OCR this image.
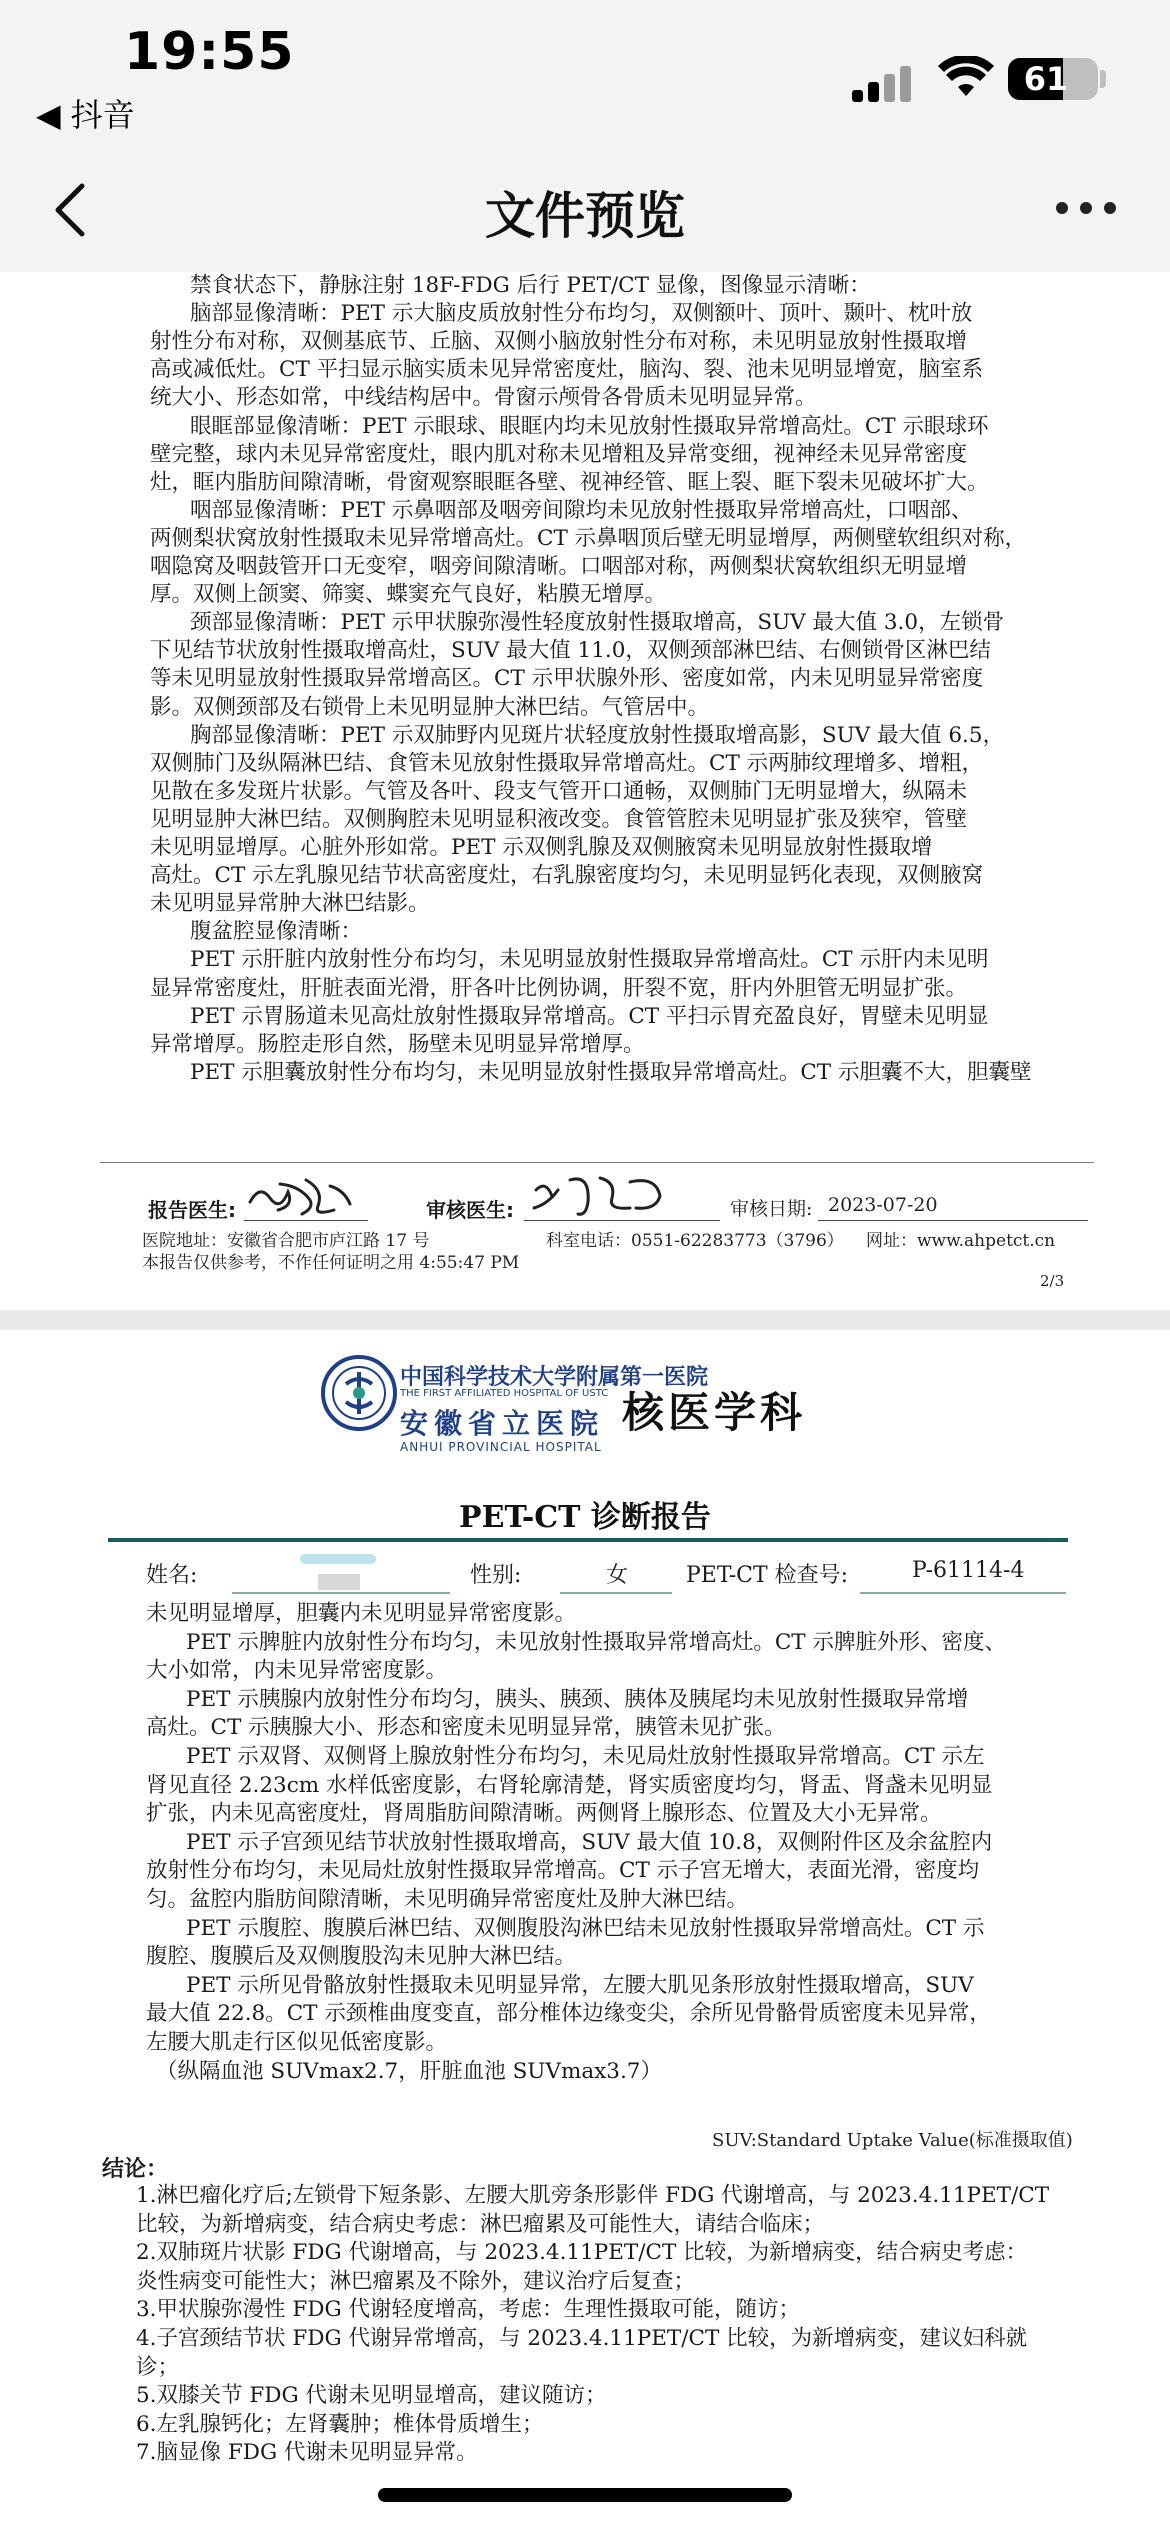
19:55
◀ 抖音
61
文件预览
禁食状态下，静脉注射 18F-FDG 后行 PET/CT 显像，图像显示清晰：
脑部显像清晰：PET 示大脑皮质放射性分布均匀，双侧额叶、顶叶、颞叶、枕叶放
射性分布对称，双侧基底节、丘脑、双侧小脑放射性分布对称，未见明显放射性摄取增
高或减低灶。CT 平扫显示脑实质未见异常密度灶，脑沟、裂、池未见明显增宽，脑室系
统大小、形态如常，中线结构居中。骨窗示颅骨各骨质未见明显异常。
眼眶部显像清晰：PET 示眼球、眼眶内均未见放射性摄取异常增高灶。CT 示眼球环
壁完整，球内未见异常密度灶，眼内肌对称未见增粗及异常变细，视神经未见异常密度
灶，眶内脂肪间隙清晰，骨窗观察眼眶各壁、视神经管、眶上裂、眶下裂未见破坏扩大。
咽部显像清晰：PET 示鼻咽部及咽旁间隙均未见放射性摄取异常增高灶，口咽部、
两侧梨状窝放射性摄取未见异常增高灶。CT 示鼻咽顶后壁无明显增厚，两侧壁软组织对称，
咽隐窝及咽鼓管开口无变窄，咽旁间隙清晰。口咽部对称，两侧梨状窝软组织无明显增
厚。双侧上颌窦、筛窦、蝶窦充气良好，粘膜无增厚。
颈部显像清晰：PET 示甲状腺弥漫性轻度放射性摄取增高，SUV 最大值 3.0，左锁骨
下见结节状放射性摄取增高灶，SUV 最大值 11.0，双侧颈部淋巴结、右侧锁骨区淋巴结
等未见明显放射性摄取异常增高区。CT 示甲状腺外形、密度如常，内未见明显异常密度
影。双侧颈部及右锁骨上未见明显肿大淋巴结。气管居中。
胸部显像清晰：PET 示双肺野内见斑片状轻度放射性摄取增高影，SUV 最大值 6.5，
双侧肺门及纵隔淋巴结、食管未见放射性摄取异常增高灶。CT 示两肺纹理增多、增粗，
见散在多发斑片状影。气管及各叶、段支气管开口通畅，双侧肺门无明显增大，纵隔未
见明显肿大淋巴结。双侧胸腔未见明显积液改变。食管管腔未见明显扩张及狭窄，管壁
未见明显增厚。心脏外形如常。PET 示双侧乳腺及双侧腋窝未见明显放射性摄取增
高灶。CT 示左乳腺见结节状高密度灶，右乳腺密度均匀，未见明显钙化表现，双侧腋窝
未见明显异常肿大淋巴结影。
腹盆腔显像清晰：
PET 示肝脏内放射性分布均匀，未见明显放射性摄取异常增高灶。CT 示肝内未见明
显异常密度灶，肝脏表面光滑，肝各叶比例协调，肝裂不宽，肝内外胆管无明显扩张。
PET 示胃肠道未见高灶放射性摄取异常增高。CT 平扫示胃充盈良好，胃壁未见明显
异常增厚。肠腔走形自然，肠壁未见明显异常增厚。
PET 示胆囊放射性分布均匀，未见明显放射性摄取异常增高灶。CT 示胆囊不大，胆囊壁
报告医生:	审核医生:	审核日期: 2023-07-20
医院地址：安徽省合肥市庐江路 17 号	科室电话：0551-62283773（3796） 网址：www.ahpetct.cn
本报告仅供参考，不作任何证明之用 4:55:47 PM
2/3
中国科学技术大学附属第一医院
THE FIRST AFFILIATED HOSPITAL OF USTC
安徽省立医院
ANHUI PROVINCIAL HOSPITAL
核医学科
PET-CT 诊断报告
姓名:	性别:	女	PET-CT 检查号:	P-61114-4
未见明显增厚，胆囊内未见明显异常密度影。
PET 示脾脏内放射性分布均匀，未见放射性摄取异常增高灶。CT 示脾脏外形、密度、
大小如常，内未见异常密度影。
PET 示胰腺内放射性分布均匀，胰头、胰颈、胰体及胰尾均未见放射性摄取异常增
高灶。CT 示胰腺大小、形态和密度未见明显异常，胰管未见扩张。
PET 示双肾、双侧肾上腺放射性分布均匀，未见局灶放射性摄取异常增高。CT 示左
肾见直径 2.23cm 水样低密度影，右肾轮廓清楚，肾实质密度均匀，肾盂、肾盏未见明显
扩张，内未见高密度灶，肾周脂肪间隙清晰。两侧肾上腺形态、位置及大小无异常。
PET 示子宫颈见结节状放射性摄取增高，SUV 最大值 10.8，双侧附件区及余盆腔内
放射性分布均匀，未见局灶放射性摄取异常增高。CT 示子宫无增大，表面光滑，密度均
匀。盆腔内脂肪间隙清晰，未见明确异常密度灶及肿大淋巴结。
PET 示腹腔、腹膜后淋巴结、双侧腹股沟淋巴结未见放射性摄取异常增高灶。CT 示
腹腔、腹膜后及双侧腹股沟未见肿大淋巴结。
PET 示所见骨骼放射性摄取未见明显异常，左腰大肌见条形放射性摄取增高，SUV
最大值 22.8。CT 示颈椎曲度变直，部分椎体边缘变尖，余所见骨骼骨质密度未见异常，
左腰大肌走行区似见低密度影。
（纵隔血池 SUVmax2.7，肝脏血池 SUVmax3.7）
SUV:Standard Uptake Value(标准摄取值)
结论：
1.淋巴瘤化疗后;左锁骨下短条影、左腰大肌旁条形影伴 FDG 代谢增高，与 2023.4.11PET/CT
比较，为新增病变，结合病史考虑：淋巴瘤累及可能性大，请结合临床；
2.双肺斑片状影 FDG 代谢增高，与 2023.4.11PET/CT 比较，为新增病变，结合病史考虑：
炎性病变可能性大；淋巴瘤累及不除外，建议治疗后复查；
3.甲状腺弥漫性 FDG 代谢轻度增高，考虑：生理性摄取可能，随访；
4.子宫颈结节状 FDG 代谢异常增高，与 2023.4.11PET/CT 比较，为新增病变，建议妇科就
诊；
5.双膝关节 FDG 代谢未见明显增高，建议随访；
6.左乳腺钙化；左肾囊肿；椎体骨质增生；
7.脑显像 FDG 代谢未见明显异常。
